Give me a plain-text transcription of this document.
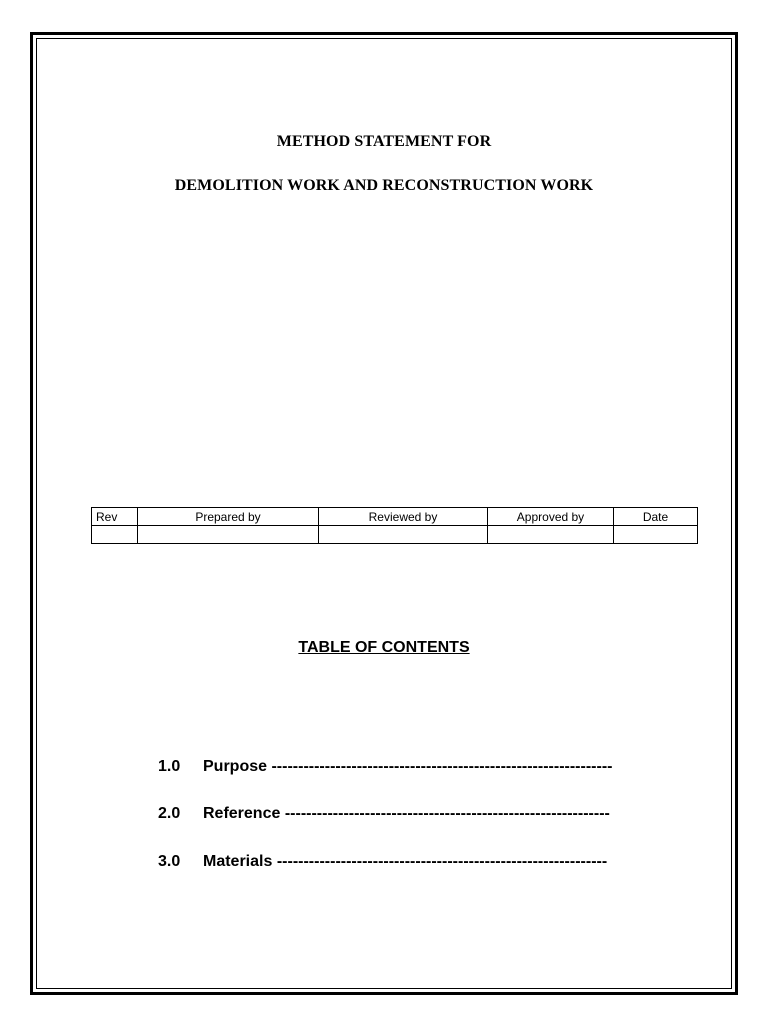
METHOD STATEMENT FOR
DEMOLITION WORK AND RECONSTRUCTION WORK
Rev	Prepared by	Reviewed by	Approved by	Date

TABLE OF CONTENTS
1.0 Purpose ----------------------------------------------------------------
2.0 Reference -------------------------------------------------------------
3.0 Materials --------------------------------------------------------------
